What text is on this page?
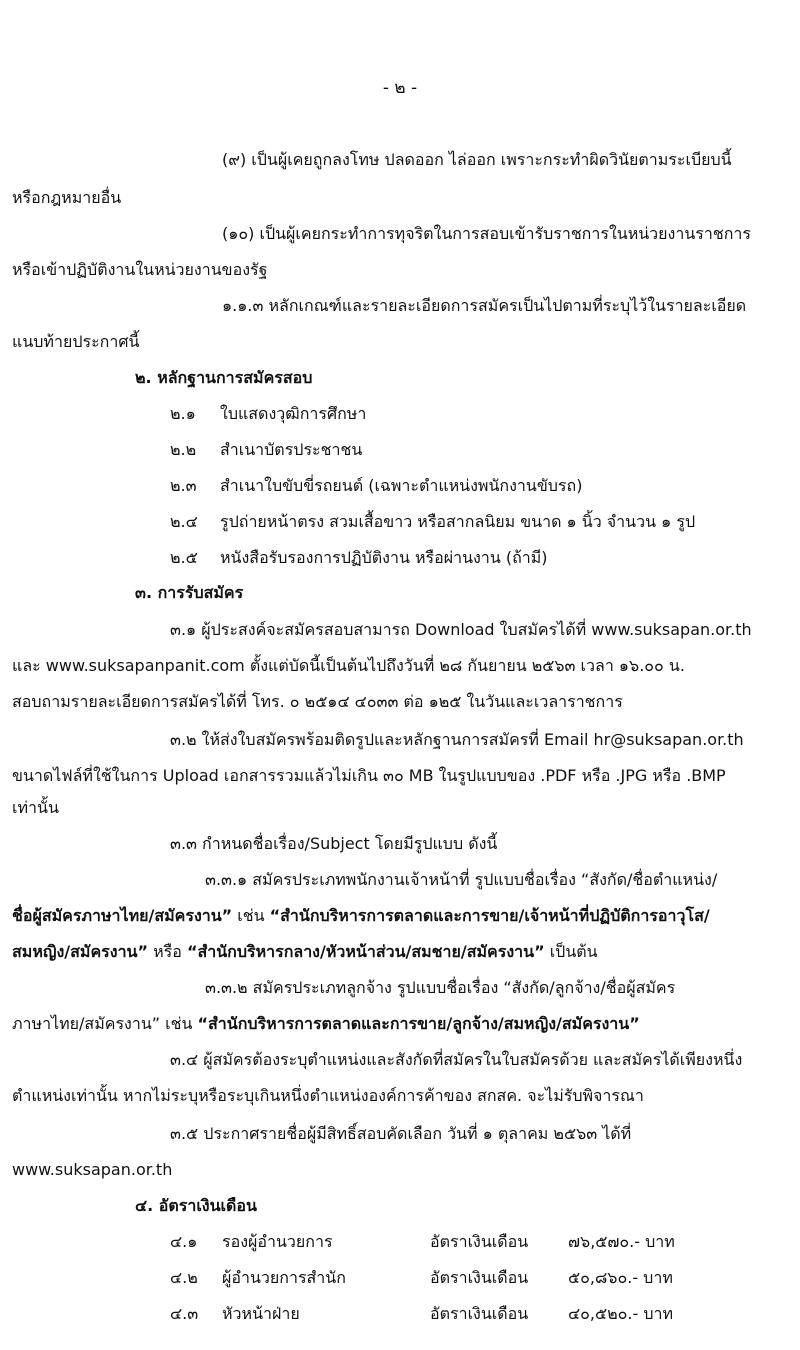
- ๒ -
(๙) เป็นผู้เคยถูกลงโทษ ปลดออก ไล่ออก เพราะกระทำผิดวินัยตามระเบียบนี้
หรือกฎหมายอื่น
(๑๐) เป็นผู้เคยกระทำการทุจริตในการสอบเข้ารับราชการในหน่วยงานราชการ
หรือเข้าปฏิบัติงานในหน่วยงานของรัฐ
๑.๑.๓ หลักเกณฑ์และรายละเอียดการสมัครเป็นไปตามที่ระบุไว้ในรายละเอียด
แนบท้ายประกาศนี้
๒. หลักฐานการสมัครสอบ
๒.๑ ใบแสดงวุฒิการศึกษา
๒.๒ สำเนาบัตรประชาชน
๒.๓ สำเนาใบขับขี่รถยนต์ (เฉพาะตำแหน่งพนักงานขับรถ)
๒.๔ รูปถ่ายหน้าตรง สวมเสื้อขาว หรือสากลนิยม ขนาด ๑ นิ้ว จำนวน ๑ รูป
๒.๕ หนังสือรับรองการปฏิบัติงาน หรือผ่านงาน (ถ้ามี)
๓. การรับสมัคร
๓.๑ ผู้ประสงค์จะสมัครสอบสามารถ Download ใบสมัครได้ที่ www.suksapan.or.th
และ www.suksapanpanit.com ตั้งแต่บัดนี้เป็นต้นไปถึงวันที่ ๒๘ กันยายน ๒๕๖๓ เวลา ๑๖.๐๐ น.
สอบถามรายละเอียดการสมัครได้ที่ โทร. ๐ ๒๕๑๔ ๔๐๓๓ ต่อ ๑๒๕ ในวันและเวลาราชการ
๓.๒ ให้ส่งใบสมัครพร้อมติดรูปและหลักฐานการสมัครที่ Email hr@suksapan.or.th
ขนาดไฟล์ที่ใช้ในการ Upload เอกสารรวมแล้วไม่เกิน ๓๐ MB ในรูปแบบของ .PDF หรือ .JPG หรือ .BMP
เท่านั้น
๓.๓ กำหนดชื่อเรื่อง/Subject โดยมีรูปแบบ ดังนี้
๓.๓.๑ สมัครประเภทพนักงานเจ้าหน้าที่ รูปแบบชื่อเรื่อง “สังกัด/ชื่อตำแหน่ง/
ชื่อผู้สมัครภาษาไทย/สมัครงาน” เช่น “สำนักบริหารการตลาดและการขาย/เจ้าหน้าที่ปฏิบัติการอาวุโส/
สมหญิง/สมัครงาน” หรือ “สำนักบริหารกลาง/หัวหน้าส่วน/สมชาย/สมัครงาน” เป็นต้น
๓.๓.๒ สมัครประเภทลูกจ้าง รูปแบบชื่อเรื่อง “สังกัด/ลูกจ้าง/ชื่อผู้สมัคร
ภาษาไทย/สมัครงาน” เช่น “สำนักบริหารการตลาดและการขาย/ลูกจ้าง/สมหญิง/สมัครงาน”
๓.๔ ผู้สมัครต้องระบุตำแหน่งและสังกัดที่สมัครในใบสมัครด้วย และสมัครได้เพียงหนึ่ง
ตำแหน่งเท่านั้น หากไม่ระบุหรือระบุเกินหนึ่งตำแหน่งองค์การค้าของ สกสค. จะไม่รับพิจารณา
๓.๕ ประกาศรายชื่อผู้มีสิทธิ์สอบคัดเลือก วันที่ ๑ ตุลาคม ๒๕๖๓ ได้ที่
www.suksapan.or.th
๔. อัตราเงินเดือน
๔.๑ รองผู้อำนวยการ	อัตราเงินเดือน ๗๖,๕๗๐.- บาท
๔.๒ ผู้อำนวยการสำนัก	อัตราเงินเดือน ๕๐,๘๖๐.- บาท
๔.๓ หัวหน้าฝ่าย	อัตราเงินเดือน ๔๐,๕๒๐.- บาท
